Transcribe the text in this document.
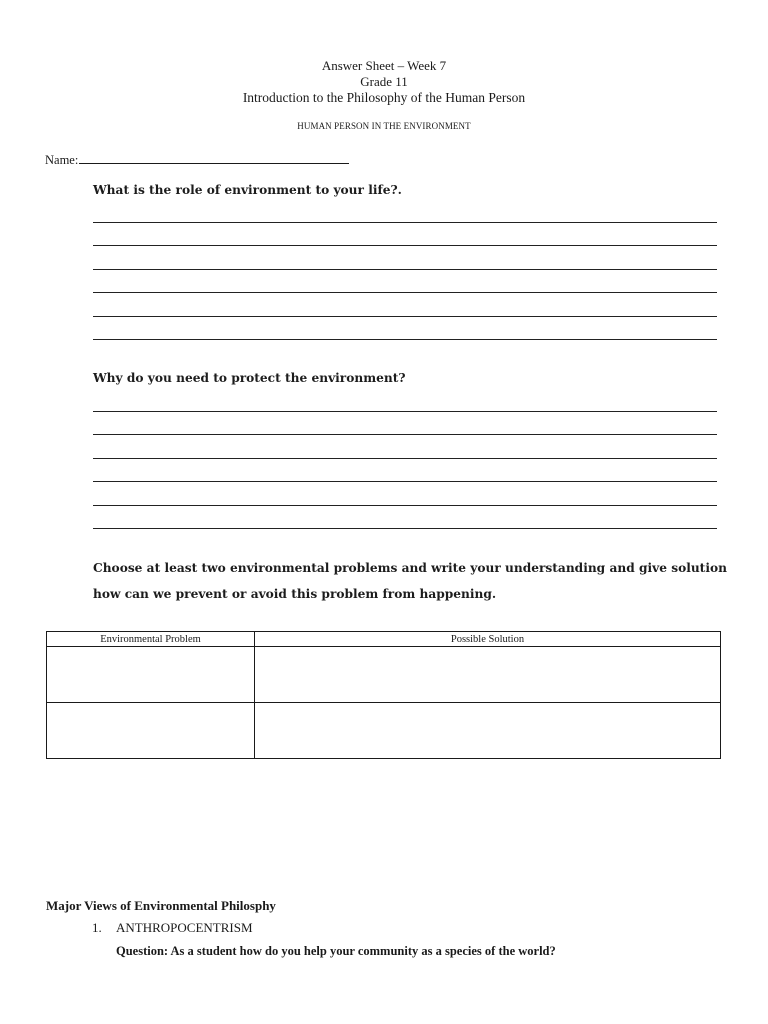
Answer Sheet – Week 7
Grade 11
Introduction to the Philosophy of the Human Person
HUMAN PERSON IN THE ENVIRONMENT
Name:
What is the role of environment to your life?.
Why do you need to protect the environment?
Choose at least two environmental problems and write your understanding and give solution
how can we prevent or avoid this problem from happening.
Environmental Problem	Possible Solution

Major Views of Environmental Philosphy
1. ANTHROPOCENTRISM
Question: As a student how do you help your community as a species of the world?
